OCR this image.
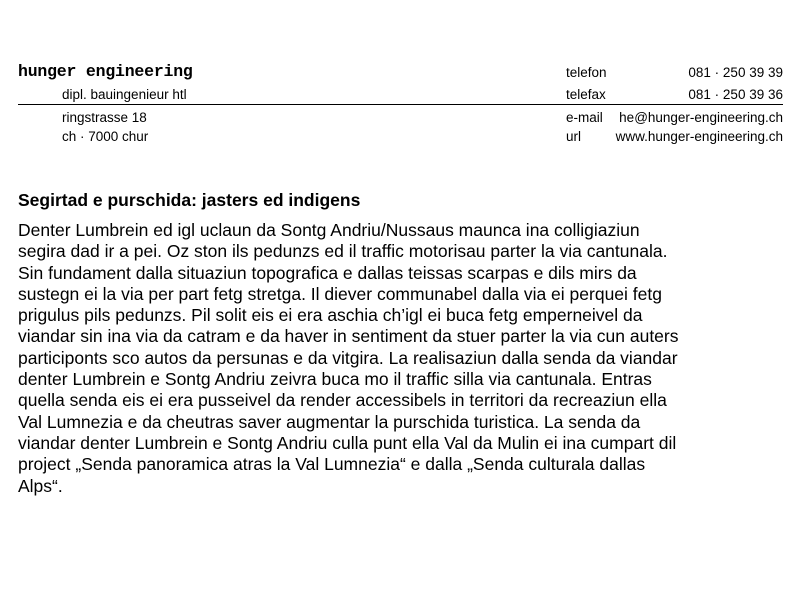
hunger engineering
dipl. bauingenieur htl
ringstrasse 18
ch · 7000 chur
telefon	081 · 250 39 39
telefax	081 · 250 39 36
e-mail he@hunger-engineering.ch
url	www.hunger-engineering.ch
Segirtad e purschida: jasters ed indigens
Denter Lumbrein ed igl uclaun da Sontg Andriu/Nussaus maunca ina colligiaziun
segira dad ir a pei. Oz ston ils pedunzs ed il traffic motorisau parter la via cantunala.
Sin fundament dalla situaziun topografica e dallas teissas scarpas e dils mirs da
sustegn ei la via per part fetg stretga. Il diever communabel dalla via ei perquei fetg
prigulus pils pedunzs. Pil solit eis ei era aschia ch’igl ei buca fetg emperneivel da
viandar sin ina via da catram e da haver in sentiment da stuer parter la via cun auters
participonts sco autos da persunas e da vitgira. La realisaziun dalla senda da viandar
denter Lumbrein e Sontg Andriu zeivra buca mo il traffic silla via cantunala. Entras
quella senda eis ei era pusseivel da render accessibels in territori da recreaziun ella
Val Lumnezia e da cheutras saver augmentar la purschida turistica. La senda da
viandar denter Lumbrein e Sontg Andriu culla punt ella Val da Mulin ei ina cumpart dil
project „Senda panoramica atras la Val Lumnezia“ e dalla „Senda culturala dallas
Alps“.
